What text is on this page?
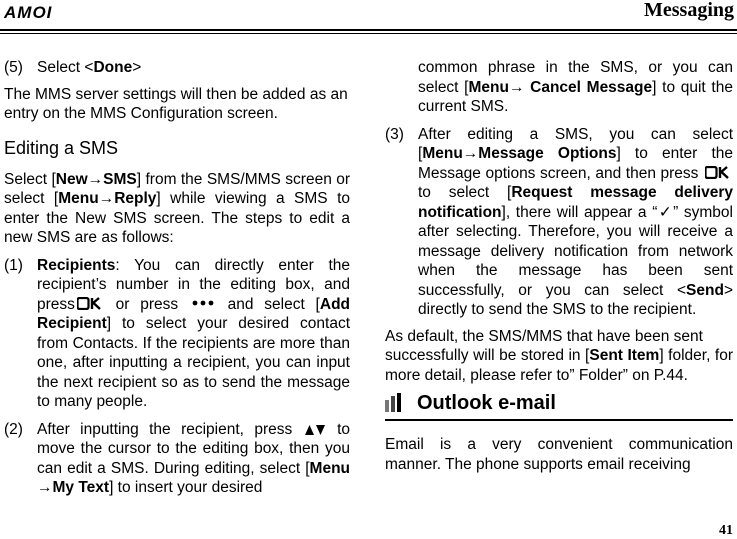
AMOI	Messaging

(5) Select <Done>

The MMS server settings will then be added as an entry on the MMS Configuration screen.

Editing a SMS

Select [New→SMS] from the SMS/MMS screen or select [Menu→Reply] while viewing a SMS to enter the New SMS screen. The steps to edit a new SMS are as follows:

(1) Recipients: You can directly enter the recipient’s number in the editing box, and press or press  and select [Add Recipient] to select your desired contact from Contacts. If the recipients are more than one, after inputting a recipient, you can input the next recipient so as to send the message to many people.

(2) After inputting the recipient, press  to move the cursor to the editing box, then you can edit a SMS. During editing, select [Menu →My Text] to insert your desired

common phrase in the SMS, or you can select [Menu→ Cancel Message] to quit the current SMS.

(3) After editing a SMS, you can select [Menu→Message Options] to enter the Message options screen, and then press  to select [Request message delivery notification], there will appear a “✓” symbol after selecting. Therefore, you will receive a message delivery notification from network when the message has been sent successfully, or you can select <Send> directly to send the SMS to the recipient.

As default, the SMS/MMS that have been sent

successfully will be stored in [Sent Item] folder, for more detail, please refer to” Folder” on P.44.

Outlook e-mail

Email is a very convenient communication manner. The phone supports email receiving

41
